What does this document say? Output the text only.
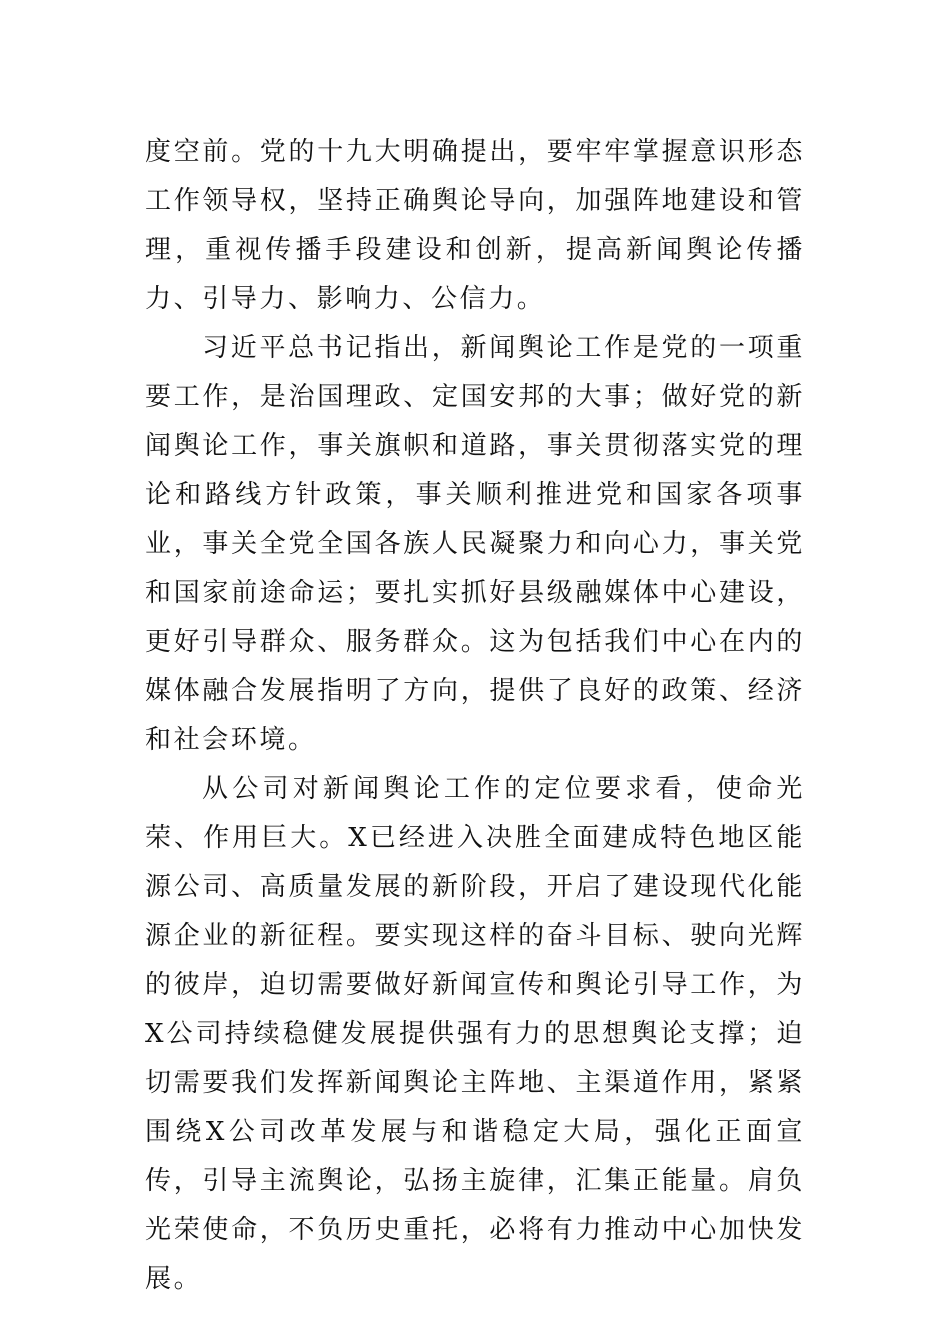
度空前。党的十九大明确提出，要牢牢掌握意识形态工作领导权，坚持正确舆论导向，加强阵地建设和管理，重视传播手段建设和创新，提高新闻舆论传播力、引导力、影响力、公信力。

习近平总书记指出，新闻舆论工作是党的一项重要工作，是治国理政、定国安邦的大事；做好党的新闻舆论工作，事关旗帜和道路，事关贯彻落实党的理论和路线方针政策，事关顺利推进党和国家各项事业，事关全党全国各族人民凝聚力和向心力，事关党和国家前途命运；要扎实抓好县级融媒体中心建设，更好引导群众、服务群众。这为包括我们中心在内的媒体融合发展指明了方向，提供了良好的政策、经济和社会环境。

从公司对新闻舆论工作的定位要求看，使命光荣、作用巨大。X已经进入决胜全面建成特色地区能源公司、高质量发展的新阶段，开启了建设现代化能源企业的新征程。要实现这样的奋斗目标、驶向光辉的彼岸，迫切需要做好新闻宣传和舆论引导工作，为X公司持续稳健发展提供强有力的思想舆论支撑；迫切需要我们发挥新闻舆论主阵地、主渠道作用，紧紧围绕X公司改革发展与和谐稳定大局，强化正面宣传，引导主流舆论，弘扬主旋律，汇集正能量。肩负光荣使命，不负历史重托，必将有力推动中心加快发展。
